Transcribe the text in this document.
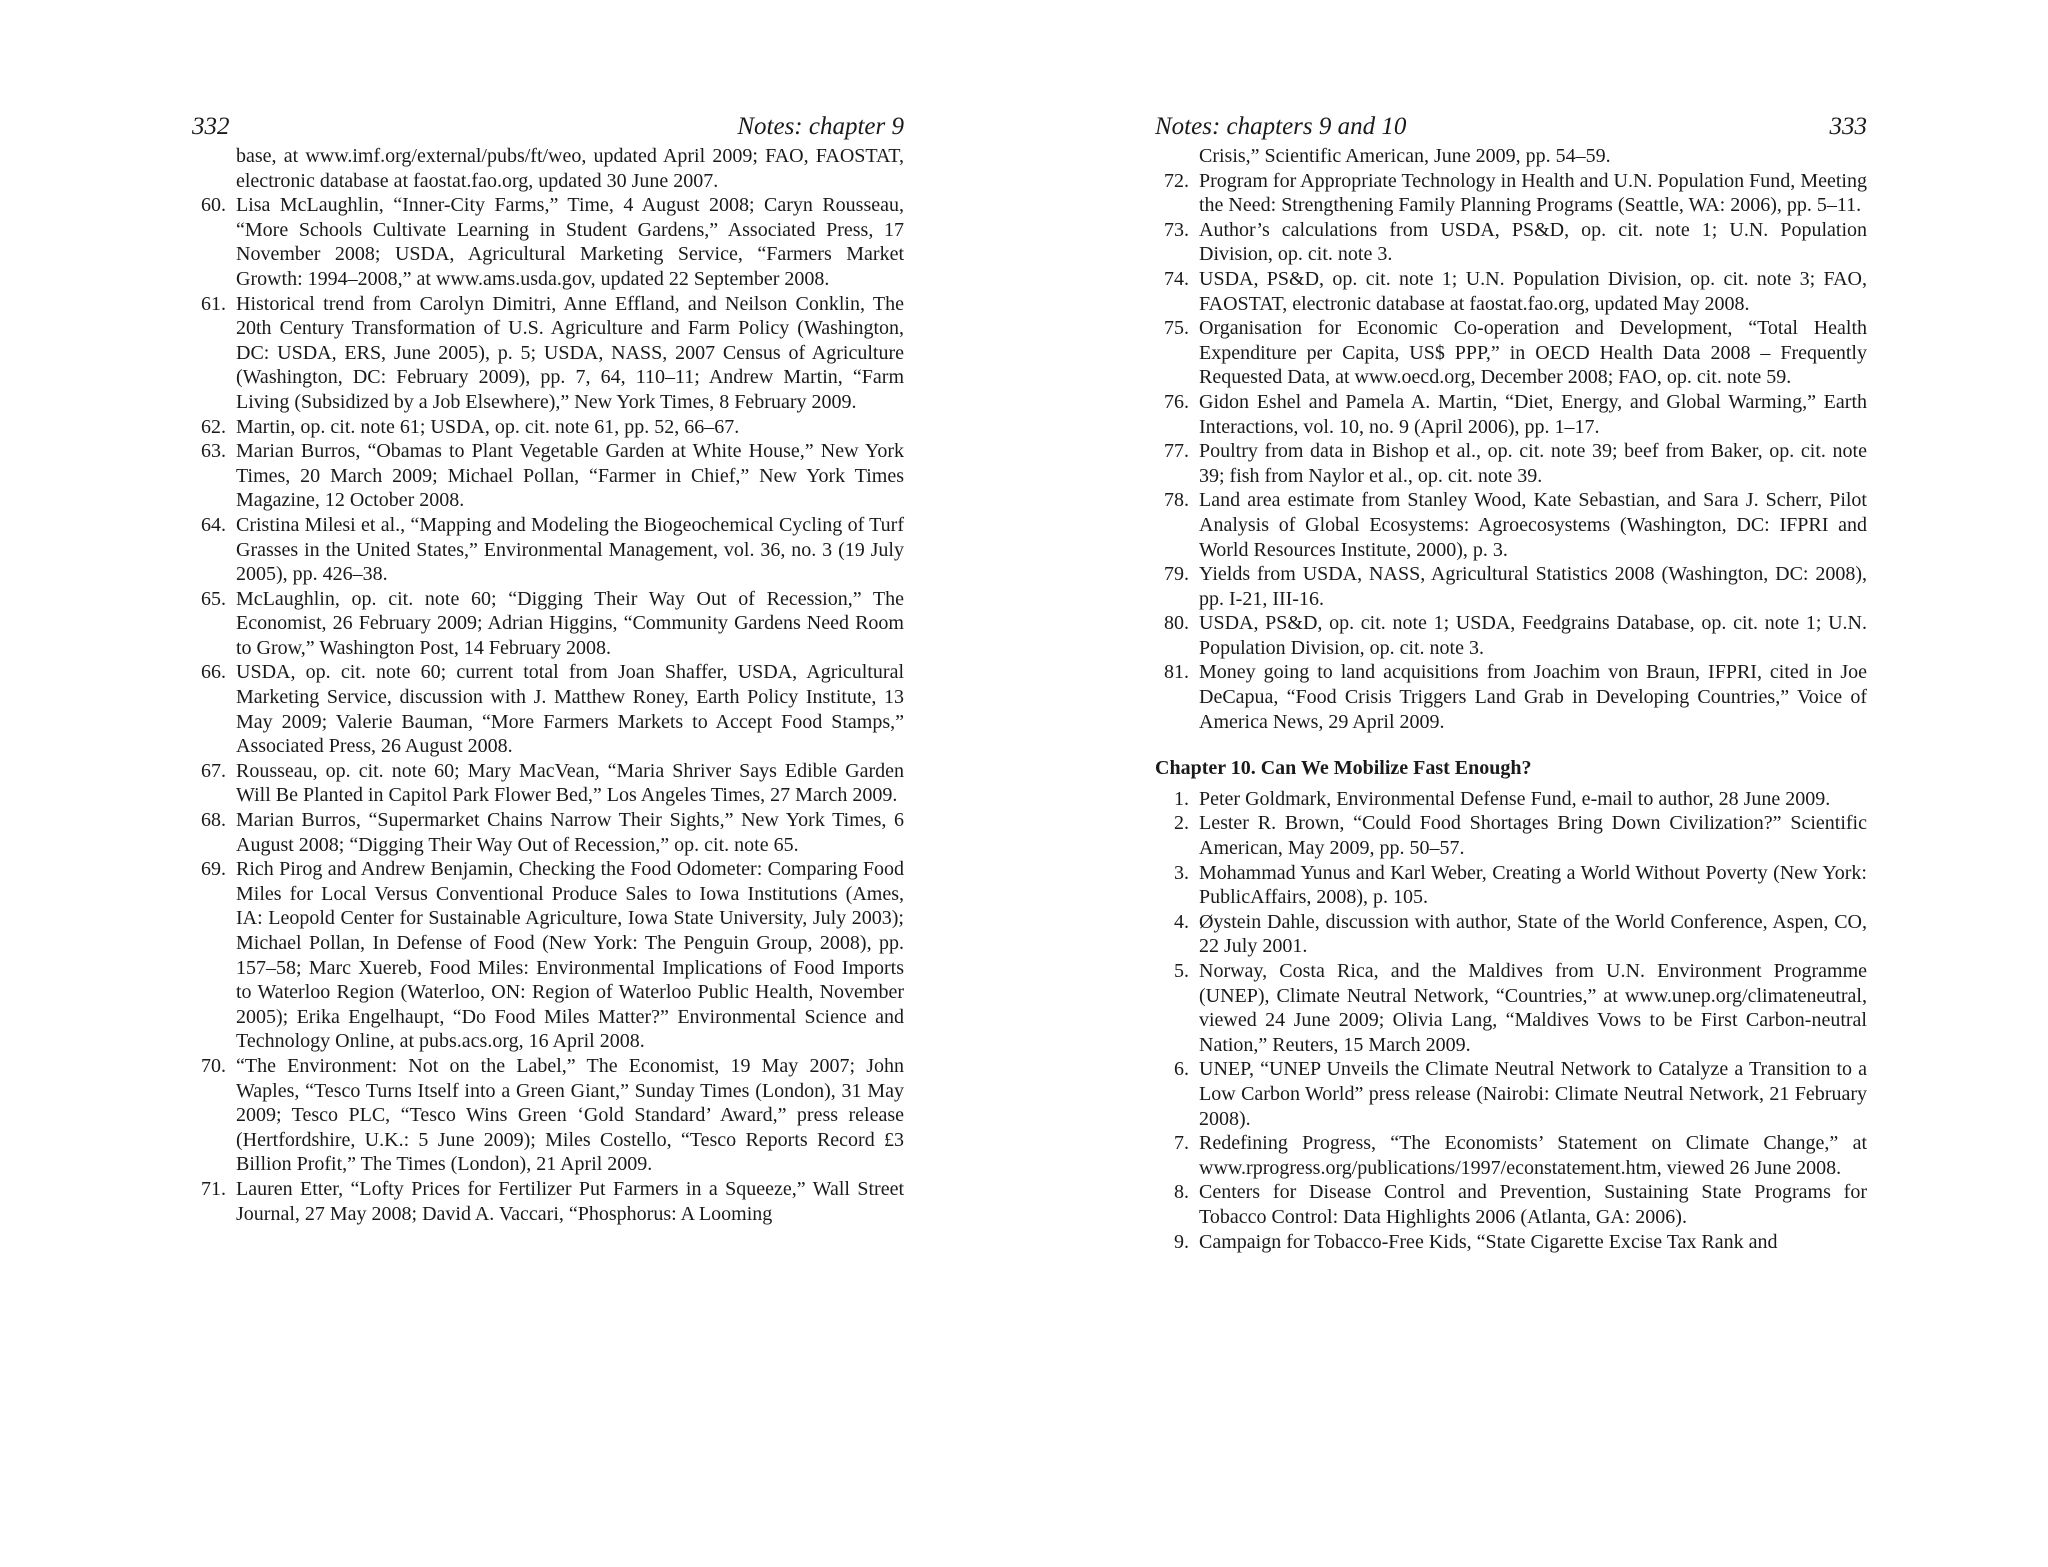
332	Notes: chapter 9
base, at www.imf.org/external/pubs/ft/weo, updated April 2009; FAO, FAOSTAT, electronic database at faostat.fao.org, updated 30 June 2007.
60. Lisa McLaughlin, “Inner-City Farms,” Time, 4 August 2008; Caryn Rousseau, “More Schools Cultivate Learning in Student Gardens,” Associated Press, 17 November 2008; USDA, Agricultural Marketing Service, “Farmers Market Growth: 1994–2008,” at www.ams.usda.gov, updated 22 September 2008.
61. Historical trend from Carolyn Dimitri, Anne Effland, and Neilson Conklin, The 20th Century Transformation of U.S. Agriculture and Farm Policy (Washington, DC: USDA, ERS, June 2005), p. 5; USDA, NASS, 2007 Census of Agriculture (Washington, DC: February 2009), pp. 7, 64, 110–11; Andrew Martin, “Farm Living (Subsidized by a Job Elsewhere),” New York Times, 8 February 2009.
62. Martin, op. cit. note 61; USDA, op. cit. note 61, pp. 52, 66–67.
63. Marian Burros, “Obamas to Plant Vegetable Garden at White House,” New York Times, 20 March 2009; Michael Pollan, “Farmer in Chief,” New York Times Magazine, 12 October 2008.
64. Cristina Milesi et al., “Mapping and Modeling the Biogeochemical Cycling of Turf Grasses in the United States,” Environmental Management, vol. 36, no. 3 (19 July 2005), pp. 426–38.
65. McLaughlin, op. cit. note 60; “Digging Their Way Out of Recession,” The Economist, 26 February 2009; Adrian Higgins, “Community Gardens Need Room to Grow,” Washington Post, 14 February 2008.
66. USDA, op. cit. note 60; current total from Joan Shaffer, USDA, Agricultural Marketing Service, discussion with J. Matthew Roney, Earth Policy Institute, 13 May 2009; Valerie Bauman, “More Farmers Markets to Accept Food Stamps,” Associated Press, 26 August 2008.
67. Rousseau, op. cit. note 60; Mary MacVean, “Maria Shriver Says Edible Garden Will Be Planted in Capitol Park Flower Bed,” Los Angeles Times, 27 March 2009.
68. Marian Burros, “Supermarket Chains Narrow Their Sights,” New York Times, 6 August 2008; “Digging Their Way Out of Recession,” op. cit. note 65.
69. Rich Pirog and Andrew Benjamin, Checking the Food Odometer: Comparing Food Miles for Local Versus Conventional Produce Sales to Iowa Institutions (Ames, IA: Leopold Center for Sustainable Agriculture, Iowa State University, July 2003); Michael Pollan, In Defense of Food (New York: The Penguin Group, 2008), pp. 157–58; Marc Xuereb, Food Miles: Environmental Implications of Food Imports to Waterloo Region (Waterloo, ON: Region of Waterloo Public Health, November 2005); Erika Engelhaupt, “Do Food Miles Matter?” Environmental Science and Technology Online, at pubs.acs.org, 16 April 2008.
70. “The Environment: Not on the Label,” The Economist, 19 May 2007; John Waples, “Tesco Turns Itself into a Green Giant,” Sunday Times (London), 31 May 2009; Tesco PLC, “Tesco Wins Green ‘Gold Standard’ Award,” press release (Hertfordshire, U.K.: 5 June 2009); Miles Costello, “Tesco Reports Record £3 Billion Profit,” The Times (London), 21 April 2009.
71. Lauren Etter, “Lofty Prices for Fertilizer Put Farmers in a Squeeze,” Wall Street Journal, 27 May 2008; David A. Vaccari, “Phosphorus: A Looming
Notes: chapters 9 and 10	333
Crisis,” Scientific American, June 2009, pp. 54–59.
72. Program for Appropriate Technology in Health and U.N. Population Fund, Meeting the Need: Strengthening Family Planning Programs (Seattle, WA: 2006), pp. 5–11.
73. Author’s calculations from USDA, PS&D, op. cit. note 1; U.N. Population Division, op. cit. note 3.
74. USDA, PS&D, op. cit. note 1; U.N. Population Division, op. cit. note 3; FAO, FAOSTAT, electronic database at faostat.fao.org, updated May 2008.
75. Organisation for Economic Co-operation and Development, “Total Health Expenditure per Capita, US$ PPP,” in OECD Health Data 2008 – Frequently Requested Data, at www.oecd.org, December 2008; FAO, op. cit. note 59.
76. Gidon Eshel and Pamela A. Martin, “Diet, Energy, and Global Warming,” Earth Interactions, vol. 10, no. 9 (April 2006), pp. 1–17.
77. Poultry from data in Bishop et al., op. cit. note 39; beef from Baker, op. cit. note 39; fish from Naylor et al., op. cit. note 39.
78. Land area estimate from Stanley Wood, Kate Sebastian, and Sara J. Scherr, Pilot Analysis of Global Ecosystems: Agroecosystems (Washington, DC: IFPRI and World Resources Institute, 2000), p. 3.
79. Yields from USDA, NASS, Agricultural Statistics 2008 (Washington, DC: 2008), pp. I-21, III-16.
80. USDA, PS&D, op. cit. note 1; USDA, Feedgrains Database, op. cit. note 1; U.N. Population Division, op. cit. note 3.
81. Money going to land acquisitions from Joachim von Braun, IFPRI, cited in Joe DeCapua, “Food Crisis Triggers Land Grab in Developing Countries,” Voice of America News, 29 April 2009.
Chapter 10. Can We Mobilize Fast Enough?
1. Peter Goldmark, Environmental Defense Fund, e-mail to author, 28 June 2009.
2. Lester R. Brown, “Could Food Shortages Bring Down Civilization?” Scientific American, May 2009, pp. 50–57.
3. Mohammad Yunus and Karl Weber, Creating a World Without Poverty (New York: PublicAffairs, 2008), p. 105.
4. Øystein Dahle, discussion with author, State of the World Conference, Aspen, CO, 22 July 2001.
5. Norway, Costa Rica, and the Maldives from U.N. Environment Programme (UNEP), Climate Neutral Network, “Countries,” at www.unep.org/climateneutral, viewed 24 June 2009; Olivia Lang, “Maldives Vows to be First Carbon-neutral Nation,” Reuters, 15 March 2009.
6. UNEP, “UNEP Unveils the Climate Neutral Network to Catalyze a Transition to a Low Carbon World” press release (Nairobi: Climate Neutral Network, 21 February 2008).
7. Redefining Progress, “The Economists’ Statement on Climate Change,” at www.rprogress.org/publications/1997/econstatement.htm, viewed 26 June 2008.
8. Centers for Disease Control and Prevention, Sustaining State Programs for Tobacco Control: Data Highlights 2006 (Atlanta, GA: 2006).
9. Campaign for Tobacco-Free Kids, “State Cigarette Excise Tax Rank and
